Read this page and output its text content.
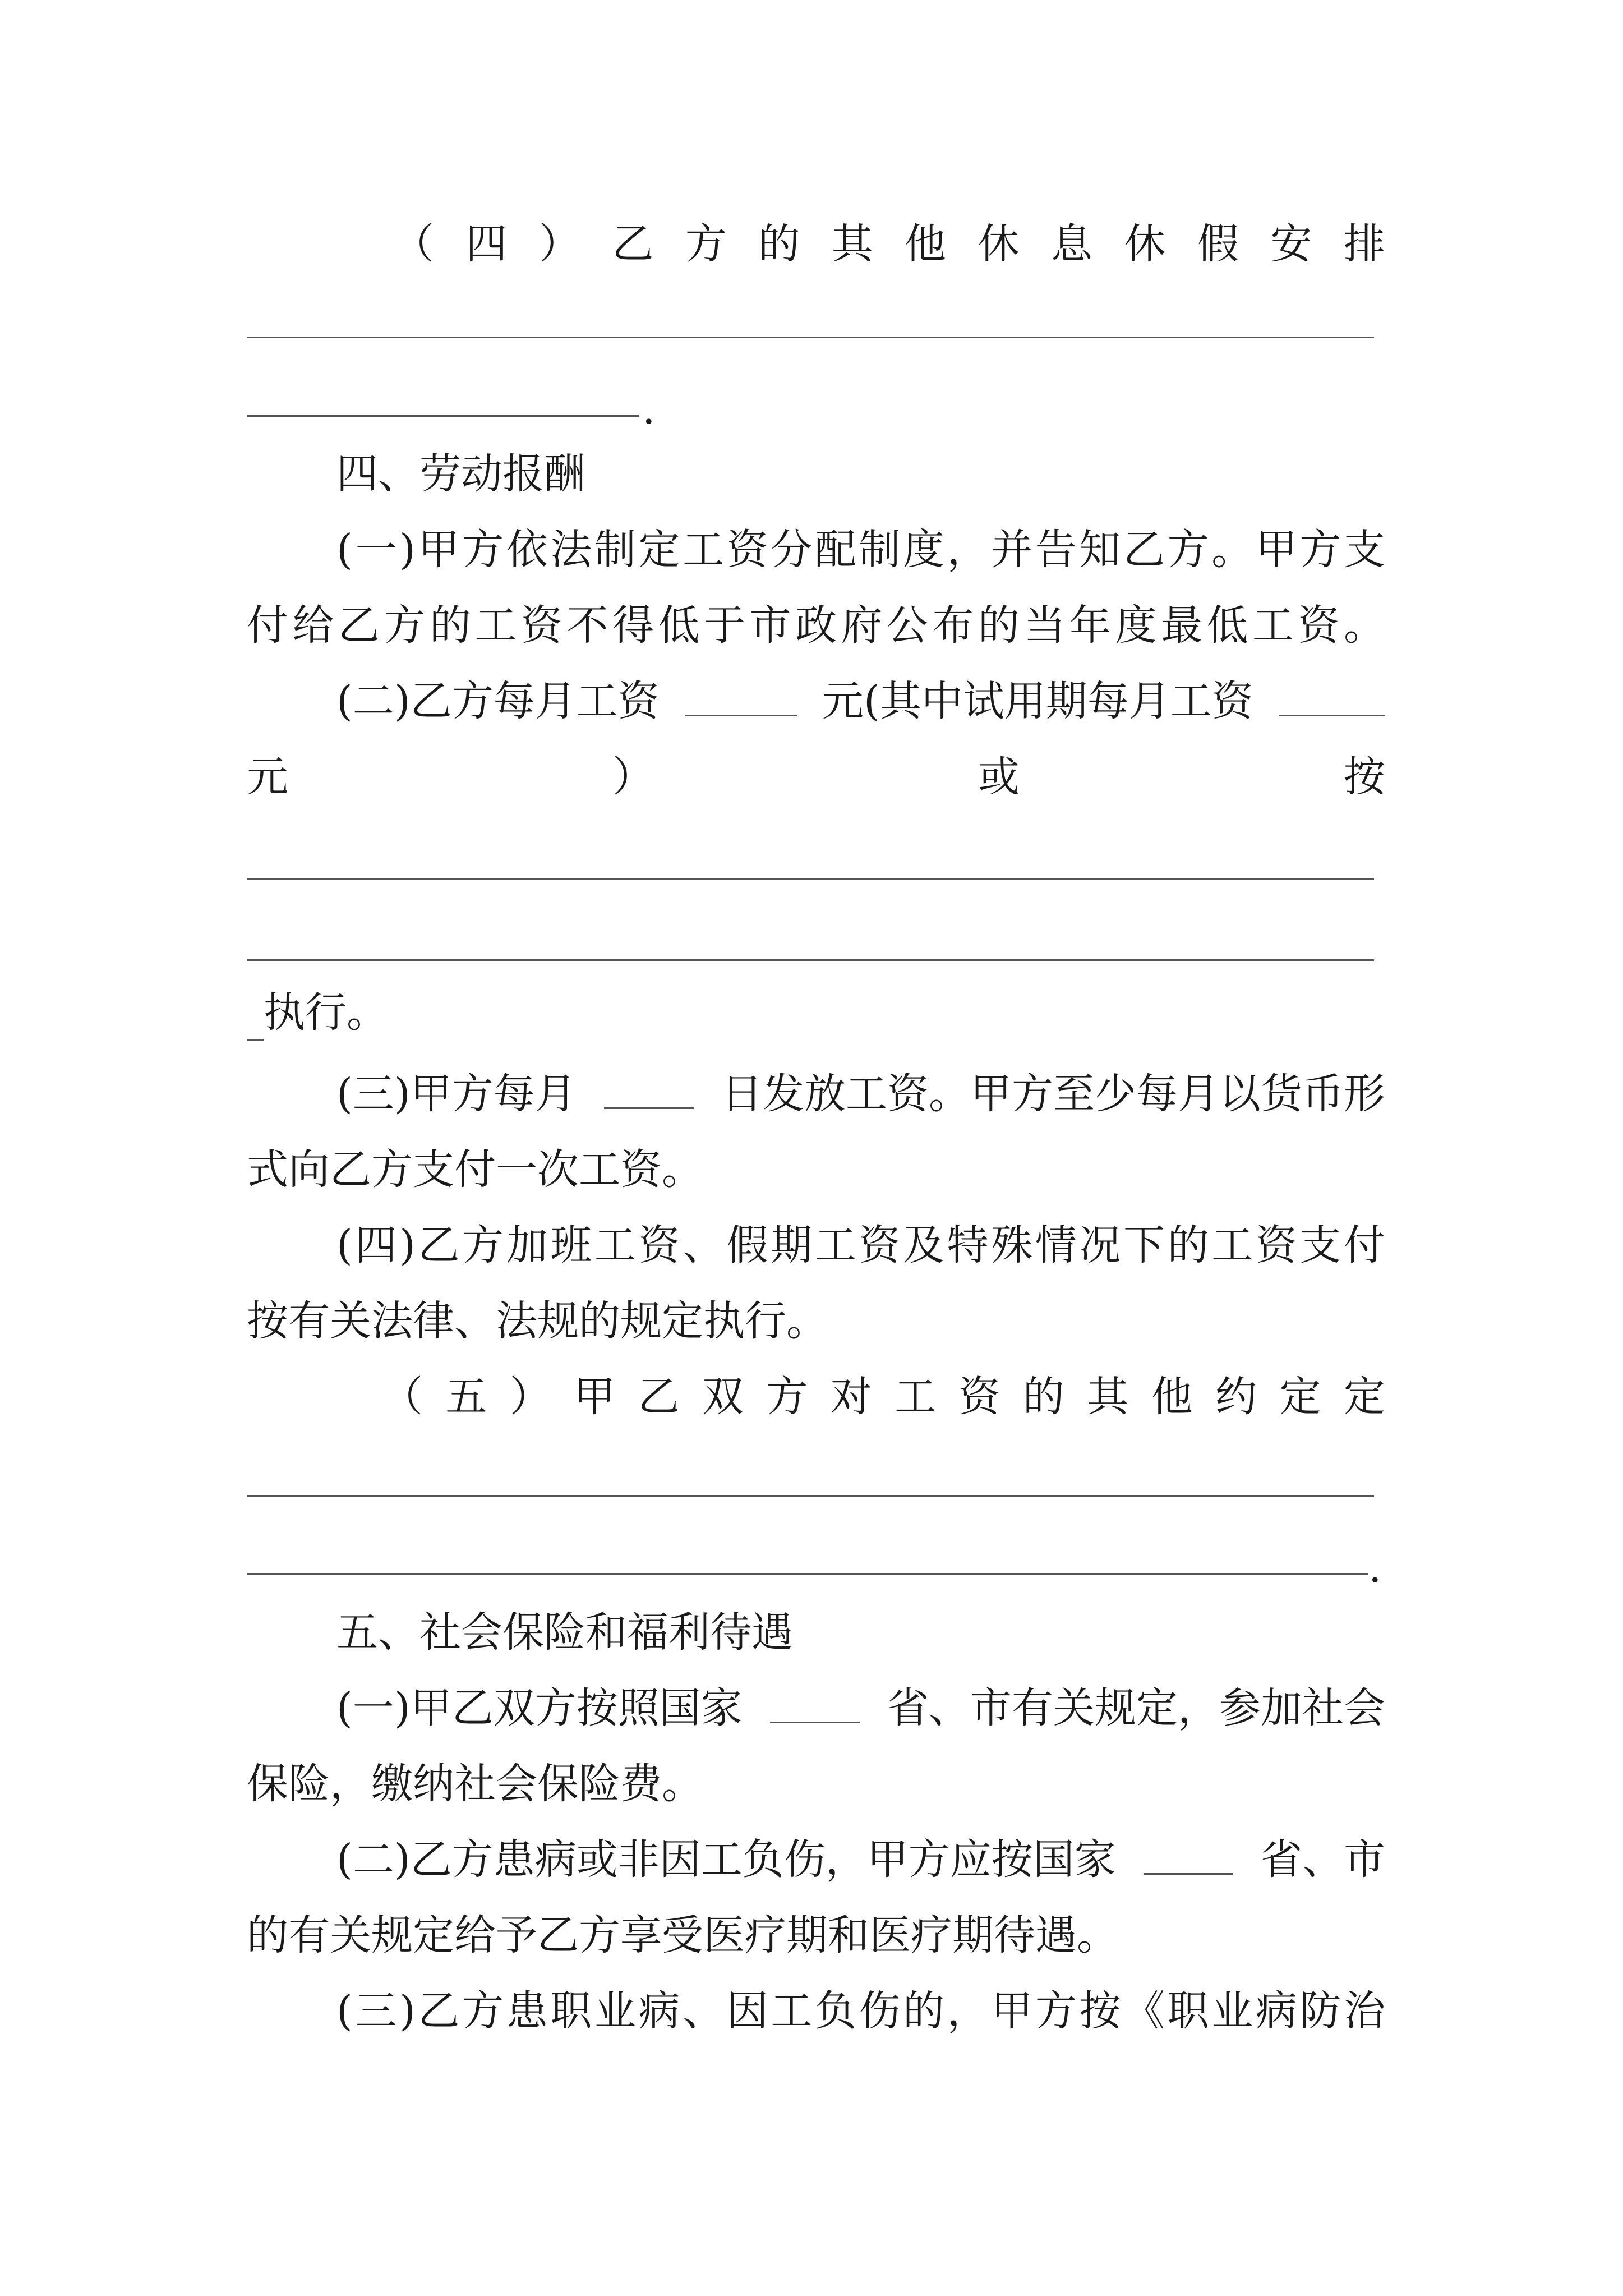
（ 四 ） 乙 方 的 其 他 休 息 休 假 安 排
.
四、劳动报酬
( 一 ) 甲 方 依 法 制 定 工 资 分 配 制 度 ， 并 告 知 乙 方 。 甲 方 支
付 给 乙 方 的 工 资 不 得 低 于 市 政 府 公 布 的 当 年 度 最 低 工 资 。
(二)乙方每月工资	元(其中试用期每月工资
元	）	或	按
执行。
(三)甲方每月	日发放工资。甲方至少每月以货币形
式向乙方支付一次工资。
( 四 ) 乙 方 加 班 工 资 、 假 期 工 资 及 特 殊 情 况 下 的 工 资 支 付
按有关法律、法规的规定执行。
（ 五 ） 甲 乙 双 方 对 工 资 的 其 他 约 定 定
.
五、社会保险和福利待遇
(一)甲乙双方按照国家	省、市有关规定，参加社会
保险，缴纳社会保险费。
(二)乙方患病或非因工负伤，甲方应按国家	省、市
的有关规定给予乙方享受医疗期和医疗期待遇。
( 三 ) 乙 方 患 职 业 病 、 因 工 负 伤 的 ， 甲 方 按 《 职 业 病 防 治
